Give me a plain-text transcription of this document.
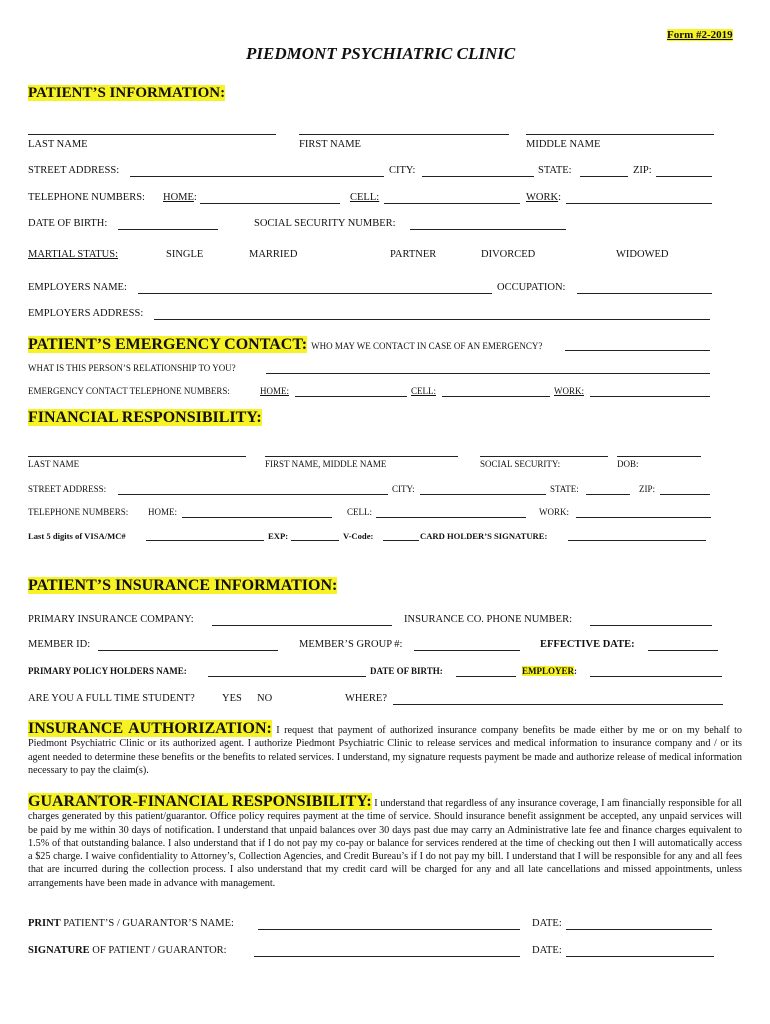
Form #2-2019
PIEDMONT PSYCHIATRIC CLINIC
PATIENT’S INFORMATION:
LAST NAME	FIRST NAME	MIDDLE NAME
STREET ADDRESS:	CITY:	STATE:	ZIP:
TELEPHONE NUMBERS: HOME:	CELL:	WORK:
DATE OF BIRTH:	SOCIAL SECURITY NUMBER:
MARTIAL STATUS:	SINGLE	MARRIED	PARTNER	DIVORCED	WIDOWED
EMPLOYERS NAME:	OCCUPATION:
EMPLOYERS ADDRESS:
PATIENT’S EMERGENCY CONTACT: WHO MAY WE CONTACT IN CASE OF AN EMERGENCY?
WHAT IS THIS PERSON’S RELATIONSHIP TO YOU?
EMERGENCY CONTACT TELEPHONE NUMBERS:	HOME:	CELL:	WORK:
FINANCIAL RESPONSIBILITY:
LAST NAME	FIRST NAME, MIDDLE NAME	SOCIAL SECURITY:	DOB:
STREET ADDRESS:	CITY:	STATE:	ZIP:
TELEPHONE NUMBERS: HOME:	CELL:	WORK:
Last 5 digits of VISA/MC#	EXP:	V-Code:	CARD HOLDER’S SIGNATURE:
PATIENT’S INSURANCE INFORMATION:
PRIMARY INSURANCE COMPANY:	INSURANCE CO. PHONE NUMBER:
MEMBER ID:	MEMBER’S GROUP #:	EFFECTIVE DATE:
PRIMARY POLICY HOLDERS NAME:	DATE OF BIRTH:	EMPLOYER:
ARE YOU A FULL TIME STUDENT?	YES NO	WHERE?
INSURANCE AUTHORIZATION: I request that payment of authorized insurance company benefits be made either by me or on my behalf to Piedmont Psychiatric Clinic or its authorized agent. I authorize Piedmont Psychiatric Clinic to release services and medical information to insurance company and / or its agent needed to determine these benefits or the benefits to related services. I understand, my signature requests payment be made and authorize release of medical information necessary to pay the claim(s).
GUARANTOR-FINANCIAL RESPONSIBILITY: I understand that regardless of any insurance coverage, I am financially responsible for all charges generated by this patient/guarantor. Office policy requires payment at the time of service. Should insurance benefit assignment be accepted, any unpaid services will be paid by me within 30 days of notification. I understand that unpaid balances over 30 days past due may carry an Administrative late fee and finance charges equivalent to 1.5% of that outstanding balance. I also understand that if I do not pay my co-pay or balance for services rendered at the time of checking out then I will automatically access a $25 charge. I waive confidentiality to Attorney’s, Collection Agencies, and Credit Bureau’s if I do not pay my bill. I understand that I will be responsible for any and all fees that are incurred during the collection process. I also understand that my credit card will be charged for any and all late cancellations and missed appointments, unless arrangements have been made in advance with management.
PRINT PATIENT’S / GUARANTOR’S NAME:	DATE:
SIGNATURE OF PATIENT / GUARANTOR:	DATE:
